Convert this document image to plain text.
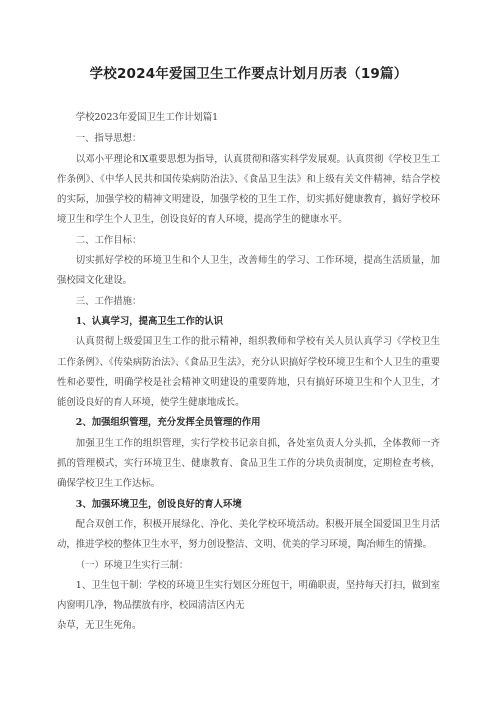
学校2024年爱国卫生工作要点计划月历表（19篇）

学校2023年爱国卫生工作计划篇1

一、指导思想：

以邓小平理论和X重要思想为指导，认真贯彻和落实科学发展观。认真贯彻《学校卫生工作条例》、《中华人民共和国传染病防治法》、《食品卫生法》和上级有关文件精神，结合学校的实际，加强学校的精神文明建设，加强学校的卫生工作，切实抓好健康教育，搞好学校环境卫生和学生个人卫生，创设良好的育人环境，提高学生的健康水平。

二、工作目标：

切实抓好学校的环境卫生和个人卫生，改善师生的学习、工作环境，提高生活质量，加强校园文化建设。

三、工作措施：

1、认真学习，提高卫生工作的认识

认真贯彻上级爱国卫生工作的批示精神，组织教师和学校有关人员认真学习《学校卫生工作条例》、《传染病防治法》、《食品卫生法》，充分认识搞好学校环境卫生和个人卫生的重要性和必要性，明确学校是社会精神文明建设的重要阵地，只有搞好环境卫生和个人卫生，才能创设良好的育人环境，使学生健康地成长。

2、加强组织管理，充分发挥全员管理的作用

加强卫生工作的组织管理，实行学校书记亲自抓，各处室负责人分头抓，全体教师一齐抓的管理模式，实行环境卫生、健康教育、食品卫生工作的分块负责制度，定期检查考核，确保学校卫生工作达标。

3、加强环境卫生，创设良好的育人环境

配合双创工作，积极开展绿化、净化、美化学校环境活动。积极开展全国爱国卫生月活动，推进学校的整体卫生水平，努力创设整洁、文明、优美的学习环境，陶冶师生的情操。

（一）环境卫生实行三制：

1、卫生包干制：学校的环境卫生实行划区分班包干，明确职责，坚持每天打扫，做到室内窗明几净，物品摆放有序，校园清洁区内无

杂草，无卫生死角。
